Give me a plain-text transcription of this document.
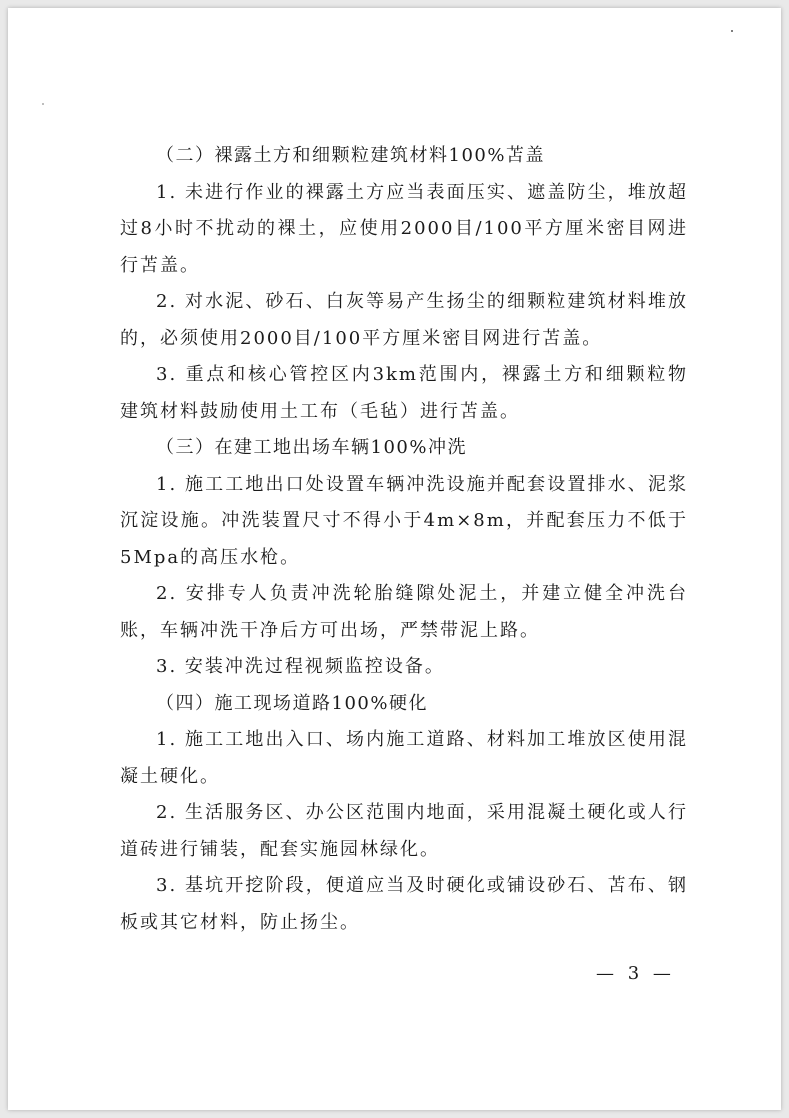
（二）裸露土方和细颗粒建筑材料100%苫盖

1. 未进行作业的裸露土方应当表面压实、遮盖防尘，堆放超过8小时不扰动的裸土，应使用2000目/100平方厘米密目网进行苫盖。

2. 对水泥、砂石、白灰等易产生扬尘的细颗粒建筑材料堆放的，必须使用2000目/100平方厘米密目网进行苫盖。

3. 重点和核心管控区内3km范围内，裸露土方和细颗粒物建筑材料鼓励使用土工布（毛毡）进行苫盖。

（三）在建工地出场车辆100%冲洗

1. 施工工地出口处设置车辆冲洗设施并配套设置排水、泥浆沉淀设施。冲洗装置尺寸不得小于4m×8m，并配套压力不低于5Mpa的高压水枪。

2. 安排专人负责冲洗轮胎缝隙处泥土，并建立健全冲洗台账，车辆冲洗干净后方可出场，严禁带泥上路。

3. 安装冲洗过程视频监控设备。

（四）施工现场道路100%硬化

1. 施工工地出入口、场内施工道路、材料加工堆放区使用混凝土硬化。

2. 生活服务区、办公区范围内地面，采用混凝土硬化或人行道砖进行铺装，配套实施园林绿化。

3. 基坑开挖阶段，便道应当及时硬化或铺设砂石、苫布、钢板或其它材料，防止扬尘。

— 3 —
